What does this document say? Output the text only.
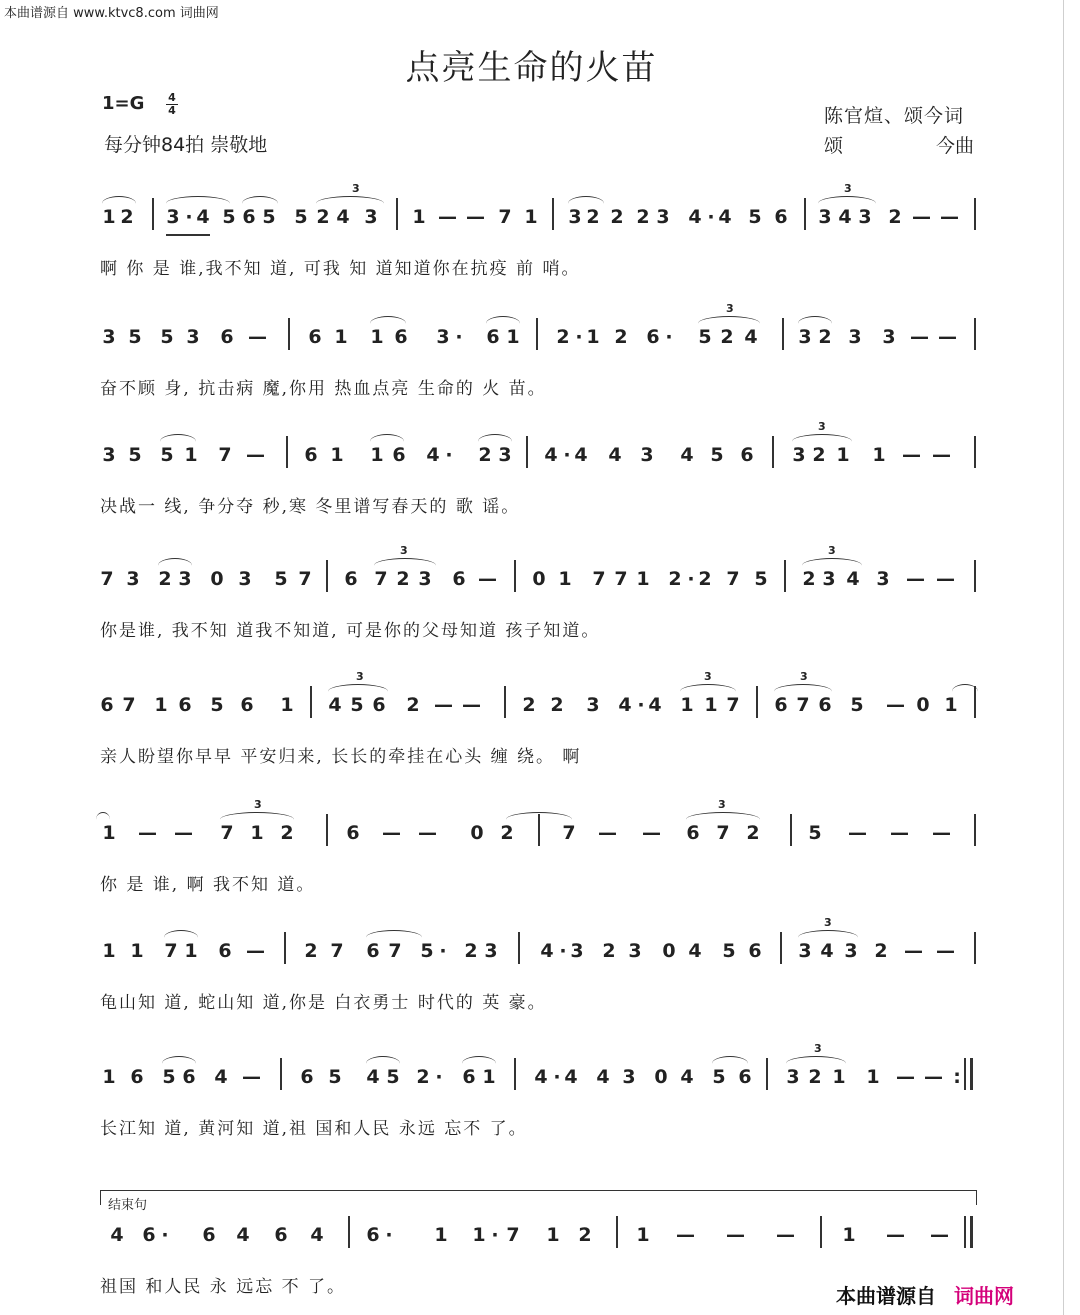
本曲谱源自 www.ktvc8.com 词曲网
点亮生命的火苗
1=G 4
4
每分钟84拍 崇敬地
陈官煊、颂今词
颂	今曲
1 2 3 · 4 5 6 5 5
3
2 4 3 1 — — 7 1 3 2 2 2 3 4 · 4 5 6
3
3 4 3 2 — —
啊 你 是 谁,我不知 道, 可我 知 道知道你在抗疫 前 哨。
3 5 5 3 6 — 6 1 1 6 3 · 6 1 2 · 1 2 6 ·
3
5 2 4 3 2 3 3 — —
奋不顾 身, 抗击病 魔,你用 热血点亮 生命的 火 苗。
3 5 5 1 7 — 6 1 1 6 4 · 2 3 4 · 4 4 3 4 5 6
3
3 2 1 1 — —
决战一 线, 争分夺 秒,寒 冬里谱写春天的 歌 谣。
7 3 2 3 0 3 5 7 6
3
7 2 3 6 — 0 1 7 7 1 2 · 2 7 5
3
2 3 4 3 — —
你是谁, 我不知 道我不知道, 可是你的父母知道 孩子知道。
6 7 1 6 5 6 1
3
4 5 6 2 — — 2 2 3 4 · 4
3
1 1 7
3
6 7 6 5 — 0 1
亲人盼望你早早 平安归来, 长长的牵挂在心头 缠 绕。 啊
1 — —
3
7 1 2	6 — — 0 2	7 — —
3
6 7 2	5 — — —
你 是 谁, 啊 我不知 道。
1 1 7 1 6 — 2 7 6 7 5 · 2 3 4 · 3 2 3 0 4 5 6
3
3 4 3 2 — —
龟山知 道, 蛇山知 道,你是 白衣勇士 时代的 英 豪。
1 6 5 6 4 — 6 5 4 5 2 · 6 1 4 · 4 4 3 0 4 5 6
3
3 2 1 1 — — :
长江知 道, 黄河知 道,祖 国和人民 永远 忘不 了。
结束句
4 6 · 6 4 6 4 6 · 1 1 · 7 1 2 1 — — — 1 — —
祖国 和人民 永 远忘 不 了。	本曲谱源自 词曲网
